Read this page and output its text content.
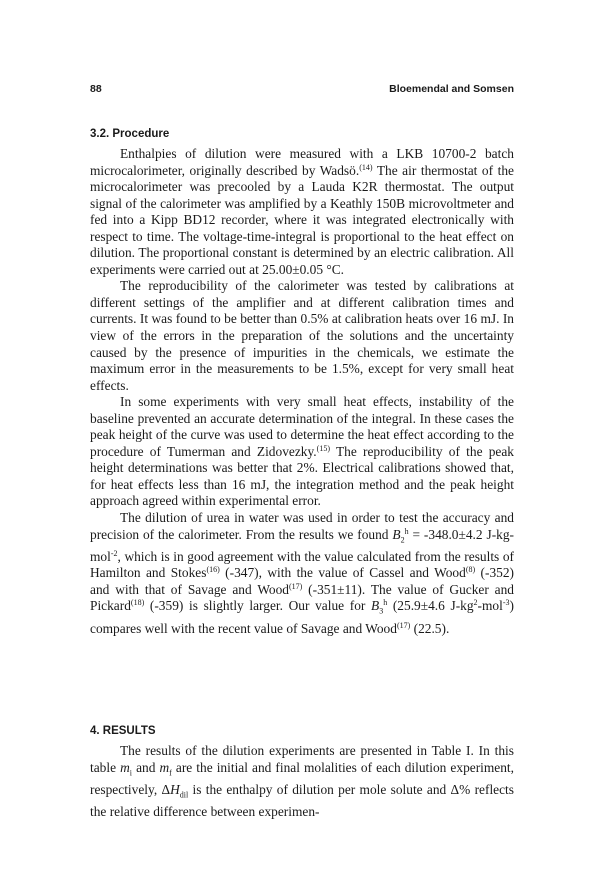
88	Bloemendal and Somsen
3.2. Procedure

Enthalpies of dilution were measured with a LKB 10700-2 batch microcalorimeter, originally described by Wadsö.$^{(14)}$ The air thermostat of the microcalorimeter was precooled by a Lauda K2R thermostat. The output signal of the calorimeter was amplified by a Keathly 150B microvoltmeter and fed into a Kipp BD12 recorder, where it was integrated electronically with respect to time. The voltage-time-integral is proportional to the heat effect on dilution. The proportional constant is determined by an electric calibration. All experiments were carried out at 25.00±0.05 °C.

The reproducibility of the calorimeter was tested by calibrations at different settings of the amplifier and at different calibration times and currents. It was found to be better than 0.5% at calibration heats over 16 mJ. In view of the errors in the preparation of the solutions and the uncertainty caused by the presence of impurities in the chemicals, we estimate the maximum error in the measurements to be 1.5%, except for very small heat effects.

In some experiments with very small heat effects, instability of the baseline prevented an accurate determination of the integral. In these cases the peak height of the curve was used to determine the heat effect according to the procedure of Tumerman and Zidovezky.$^{(15)}$ The reproducibility of the peak height determinations was better that 2%. Electrical calibrations showed that, for heat effects less than 16 mJ, the integration method and the peak height approach agreed within experimental error.

The dilution of urea in water was used in order to test the accuracy and precision of the calorimeter. From the results we found $B_2^h = -348.0\pm 4.2$ J-kg-mol$^{-2}$, which is in good agreement with the value calculated from the results of Hamilton and Stokes$^{(16)}$ (-347), with the value of Cassel and Wood$^{(8)}$ (-352) and with that of Savage and Wood$^{(17)}$ (-351±11). The value of Gucker and Pickard$^{(18)}$ (-359) is slightly larger. Our value for $B_3^h$ (25.9±4.6 $J-kg^2-mol^{-3}$) compares well with the recent value of Savage and Wood$^{(17)}$ (22.5).

4. RESULTS

The results of the dilution experiments are presented in Table I. In this table $m_i$ and $m_f$ are the initial and final molalities of each dilution experiment, respectively, $\Delta H_{dil}$ is the enthalpy of dilution per mole solute and Δ% reflects the relative difference between experimen-
